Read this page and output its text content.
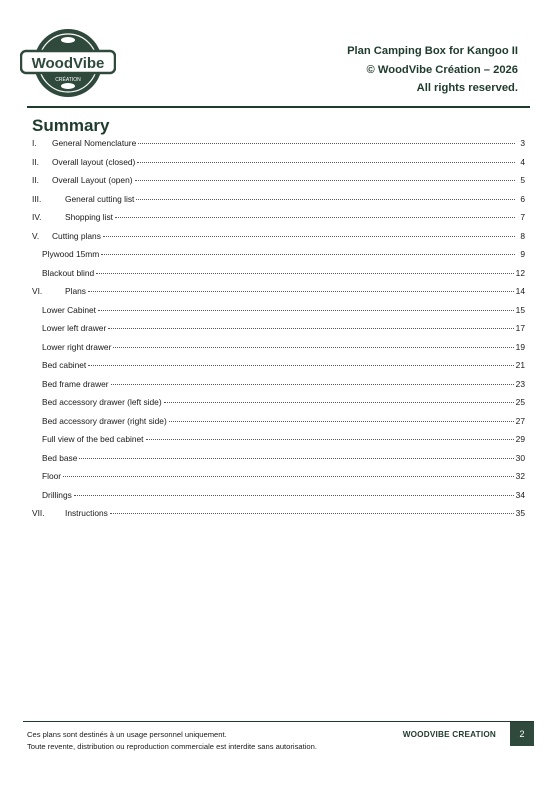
WoodVibe
CRÉATION
Plan Camping Box for Kangoo II
© WoodVibe Création – 2026
All rights reserved.
Summary
I.	General Nomenclature	3
II.	Overall layout (closed)	4
II.	Overall Layout (open)	5
III.	General cutting list	6
IV.	Shopping list	7
V.	Cutting plans	8
Plywood 15mm	9
Blackout blind	12
VI.	Plans	14
Lower Cabinet	15
Lower left drawer	17
Lower right drawer	19
Bed cabinet	21
Bed frame drawer	23
Bed accessory drawer (left side)	25
Bed accessory drawer (right side)	27
Full view of the bed cabinet	29
Bed base	30
Floor	32
Drillings	34
VII.	Instructions	35
Ces plans sont destinés à un usage personnel uniquement.
Toute revente, distribution ou reproduction commerciale est interdite sans autorisation.
WOODVIBE CREATION	2
